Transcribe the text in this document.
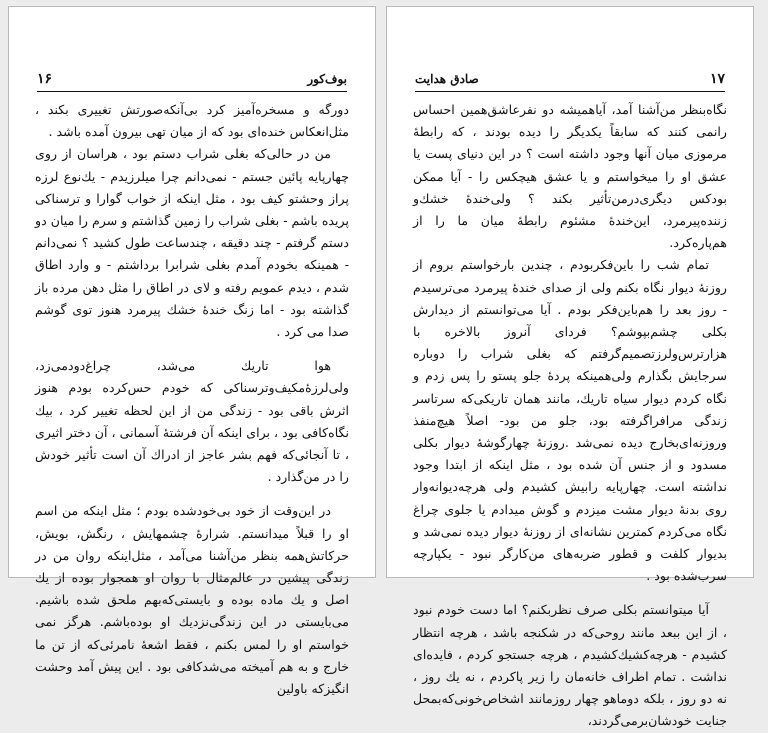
۱۶	بوف‌کور

دورگه و مسخره‌آمیز کرد بی‌آنکه‌صورتش تغییری بکند ، مثل‌انعکاس خنده‌ای بود که از میان تهی بیرون آمده باشد .

من در حالی‌که بغلی شراب دستم بود ، هراسان از روی چهار‌پایه پائین جستم - نمی‌دانم چرا میلرزیدم - یك‌نوع لرزه پراز وحشتو کیف بود ، مثل اینکه از خواب گوارا و ترسناکی پریده باشم - بغلی شراب را زمین گذاشتم و سرم را میان دو دستم گرفتم - چند دقیقه ، چندساعت طول کشید ؟ نمی‌دانم - همینکه بخودم آمدم بغلی شرابرا برداشتم - و وارد اطاق شدم ، دیدم عمویم رفته و لای در اطاق را مثل دهن مرده باز گذاشته بود - اما زنگ خندهٔ خشك پیرمرد هنوز توی گوشم صدا می کرد .

هوا تاریك می‌شد، چراغ‌دودمی‌زد، ولی‌لرزهٔ‌مکیف‌وترسناکی که خودم حس‌کرده بودم هنوز اثرش باقی بود - زندگی من از این لحظه تغییر کرد ، بیك نگاه‌کافی بود ، برای اینکه آن فرشتهٔ آسمانی ، آن دختر اثیری ، تا آنجائی‌که فهم بشر عاجز از ادراك آن است تأثیر خودش را در من‌گذارد .

در این‌وقت از خود بی‌خودشده بودم ؛ مثل اینکه من اسم او را قبلاً میدانستم. شرارهٔ چشمهایش ، رنگش، بویش، حرکاتش‌همه بنظر من‌آشنا می‌آمد ، مثل‌اینکه روان من در زندگی پیشین در عالم‌مثال با روان او همجوار بوده از یك اصل و یك ماده بوده و بایستی‌که‌بهم ملحق شده باشیم. می‌بایستی در این زندگی‌نزدیك او بوده‌باشم. هرگز نمی خواستم او را لمس بکنم ، فقط اشعهٔ نامرئی‌که از تن ما خارج و به هم آمیخته می‌شدکافی بود . این پیش آمد وحشت انگیز‌که باولین

۱۷
صادق هدایت

نگاه‌بنظر من‌آشنا آمد، آیاهمیشه دو نفرعاشق‌همین احساس رانمی کنند که سابقاً یکدیگر را دیده بودند ، که رابطهٔ مرموزی میان آنها وجود داشته است ؟ در این دنیای پست یا عشق او را میخواستم و یا عشق هیچکس را - آیا ممکن بودکس دیگری‌درمن‌تأثیر بکند ؟ ولی‌خندهٔ خشك‌و زننده‌پیرمرد، این‌خندهٔ مشئوم رابطهٔ میان ما را از هم‌پاره‌کرد.

تمام شب را باین‌فکربودم ، چندین بارخواستم بروم از روزنهٔ دیوار نگاه بکنم ولی از صدای خندهٔ پیرمرد می‌ترسیدم - روز بعد را هم‌باین‌فکر بودم . آیا می‌توانستم از دیدارش بکلی چشم‌بپوشم؟ فردای آنروز بالاخره با هزارترس‌ولرزتصمیم‌گرفتم که بغلی شراب را دوباره سرجایش بگذارم ولی‌همینکه پردهٔ جلو پستو را پس زدم و نگاه کردم دیوار سیاه تاریك، مانند همان تاریکی‌که سرتاسر زندگی مرافراگرفته بود، جلو من بود- اصلاً هیچ‌منفذ وروزنه‌ای‌بخارج دیده نمی‌شد .روزنهٔ چهارگوشهٔ دیوار بکلی مسدود و از جنس آن شده بود ، مثل اینکه از ابتدا وجود نداشته است. چهارپایه رابیش کشیدم ولی هرچه‌دیوانه‌وار روی بدنهٔ دیوار مشت میزدم و گوش میدادم یا جلوی چراغ نگاه می‌کردم کمترین نشانه‌ای از روزنهٔ دیوار دیده نمی‌شد و بدیوار کلفت و قطور ضربه‌های من‌کارگر نبود - یکپارچه سرب‌شده بود .

آیا میتوانستم بکلی صرف نظربکنم؟ اما دست خودم نبود ، از این ببعد مانند روحی‌که در شکنجه باشد ، هرچه انتظار کشیدم - هرچه‌کشیك‌کشیدم ، هرچه جستجو کردم ، فایده‌ای نداشت . تمام اطراف خانه‌مان را زیر پاکردم ، نه یك روز ، نه دو روز ، بلکه دوماهو چهار روزمانند اشخاص‌خونی‌که‌بمحل جنایت خودشان‌برمی‌گردند،
